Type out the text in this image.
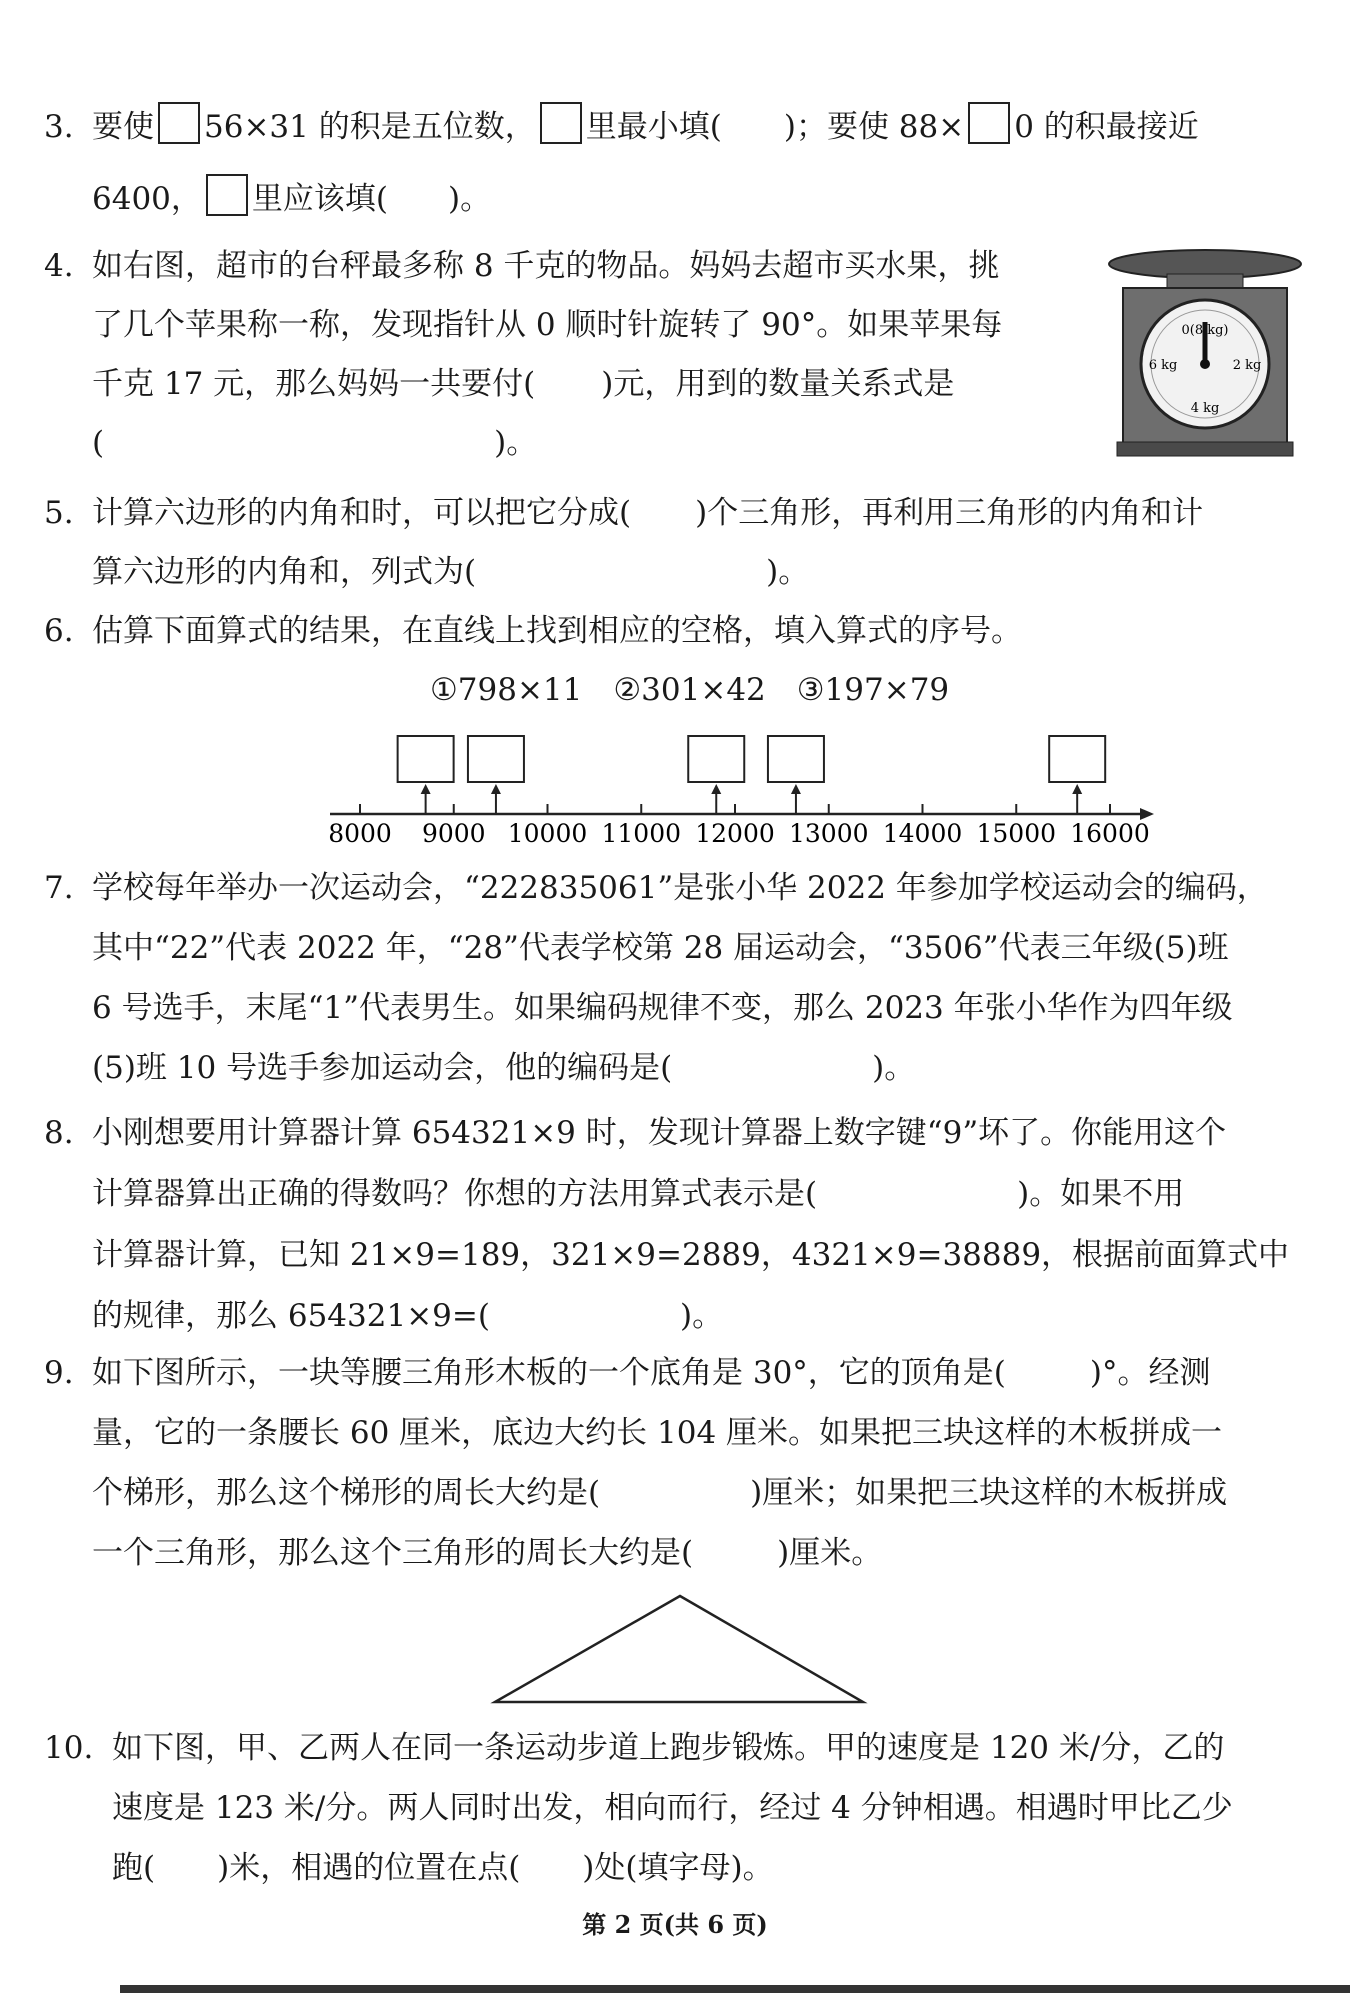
3. 要使 56×31 的积是五位数， 里最小填( )；要使 88× 0 的积最接近
6400， 里应该填( )。
4. 如右图，超市的台秤最多称 8 千克的物品。妈妈去超市买水果，挑
了几个苹果称一称，发现指针从 0 顺时针旋转了 90°。如果苹果每
千克 17 元，那么妈妈一共要付( )元，用到的数量关系式是
(	)。
0(8 kg)
6 kg	2 kg
4 kg
5. 计算六边形的内角和时，可以把它分成( )个三角形，再利用三角形的内角和计
算六边形的内角和，列式为(	)。
6. 估算下面算式的结果，在直线上找到相应的空格，填入算式的序号。
①798×11　②301×42　③197×79
8000 9000 10000 11000 12000 13000 14000 15000 16000
7. 学校每年举办一次运动会，“222835061”是张小华 2022 年参加学校运动会的编码，
其中“22”代表 2022 年，“28”代表学校第 28 届运动会，“3506”代表三年级(5)班
6 号选手，末尾“1”代表男生。如果编码规律不变，那么 2023 年张小华作为四年级
(5)班 10 号选手参加运动会，他的编码是(	)。
8. 小刚想要用计算器计算 654321×9 时，发现计算器上数字键“9”坏了。你能用这个
计算器算出正确的得数吗？你想的方法用算式表示是(	)。如果不用
计算器计算，已知 21×9=189，321×9=2889，4321×9=38889，根据前面算式中
的规律，那么 654321×9=(	)。
9. 如下图所示，一块等腰三角形木板的一个底角是 30°，它的顶角是(	)°。经测
量，它的一条腰长 60 厘米，底边大约长 104 厘米。如果把三块这样的木板拼成一
个梯形，那么这个梯形的周长大约是(	)厘米；如果把三块这样的木板拼成
一个三角形，那么这个三角形的周长大约是(	)厘米。
10. 如下图，甲、乙两人在同一条运动步道上跑步锻炼。甲的速度是 120 米/分，乙的
速度是 123 米/分。两人同时出发，相向而行，经过 4 分钟相遇。相遇时甲比乙少
跑( )米，相遇的位置在点( )处(填字母)。
第 2 页(共 6 页)
